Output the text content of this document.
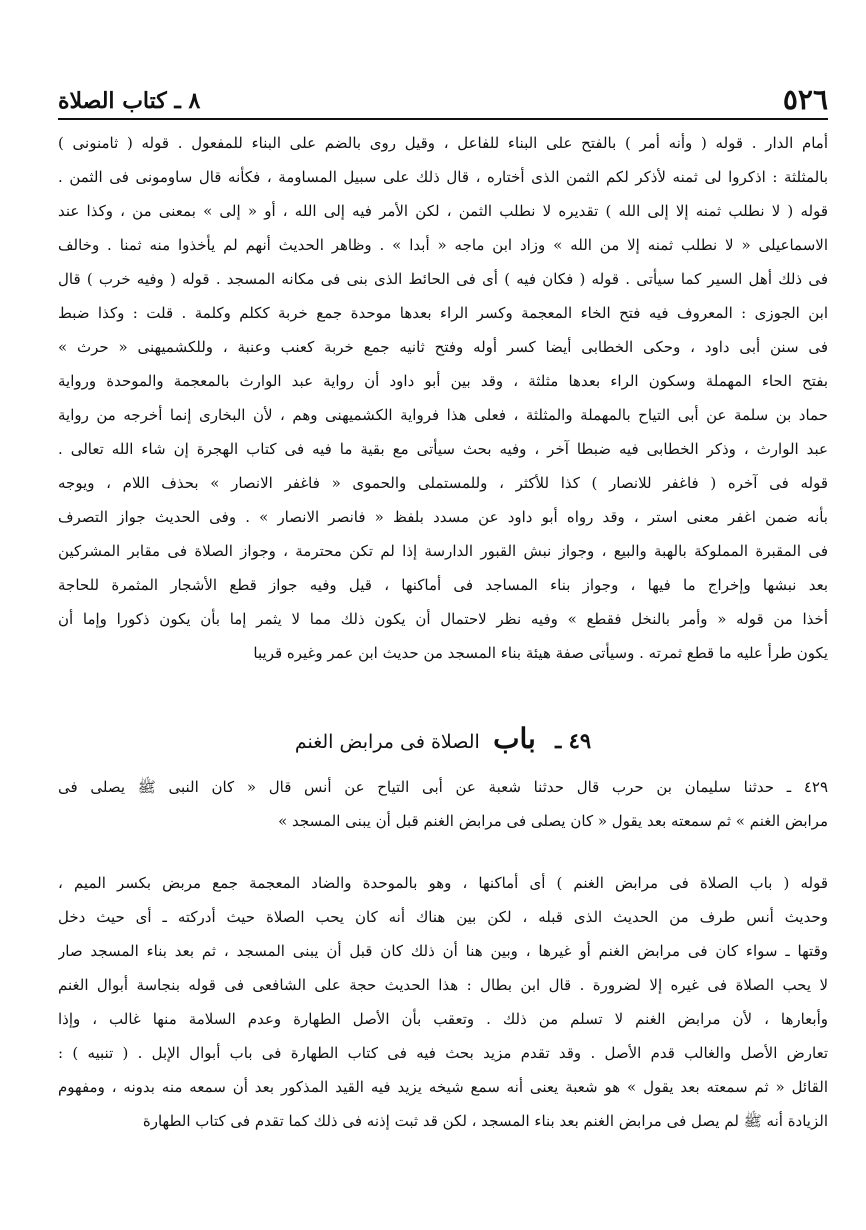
٥٢٦
٨ ـ كتاب الصلاة
أمام الدار . قوله ( وأنه أمر ) بالفتح على البناء للفاعل ، وقيل روى بالضم على البناء للمفعول . قوله ( ثامنونى )
بالمثلثة : اذكروا لى ثمنه لأذكر لكم الثمن الذى أختاره ، قال ذلك على سبيل المساومة ، فكأنه قال ساومونى فى الثمن .
قوله ( لا نطلب ثمنه إلا إلى الله ) تقديره لا نطلب الثمن ، لكن الأمر فيه إلى الله ، أو « إلى » بمعنى من ، وكذا عند
الاسماعيلى « لا نطلب ثمنه إلا من الله » وزاد ابن ماجه « أبدا » . وظاهر الحديث أنهم لم يأخذوا منه ثمنا . وخالف
فى ذلك أهل السير كما سيأتى . قوله ( فكان فيه ) أى فى الحائط الذى بنى فى مكانه المسجد . قوله ( وفيه خرب ) قال
ابن الجوزى : المعروف فيه فتح الخاء المعجمة وكسر الراء بعدها موحدة جمع خربة ككلم وكلمة . قلت : وكذا ضبط
فى سنن أبى داود ، وحكى الخطابى أيضا كسر أوله وفتح ثانيه جمع خربة كعنب وعنبة ، وللكشميهنى « حرث »
بفتح الحاء المهملة وسكون الراء بعدها مثلثة ، وقد بين أبو داود أن رواية عبد الوارث بالمعجمة والموحدة ورواية
حماد بن سلمة عن أبى التياح بالمهملة والمثلثة ، فعلى هذا فرواية الكشميهنى وهم ، لأن البخارى إنما أخرجه من رواية
عبد الوارث ، وذكر الخطابى فيه ضبطا آخر ، وفيه بحث سيأتى مع بقية ما فيه فى كتاب الهجرة إن شاء الله تعالى .
قوله فى آخره ( فاغفر للانصار ) كذا للأكثر ، وللمستملى والحموى « فاغفر الانصار » بحذف اللام ، ويوجه
بأنه ضمن اغفر معنى استر ، وقد رواه أبو داود عن مسدد بلفظ « فانصر الانصار » . وفى الحديث جواز التصرف
فى المقبرة المملوكة بالهبة والبيع ، وجواز نبش القبور الدارسة إذا لم تكن محترمة ، وجواز الصلاة فى مقابر المشركين
بعد نبشها وإخراج ما فيها ، وجواز بناء المساجد فى أماكنها ، قيل وفيه جواز قطع الأشجار المثمرة للحاجة
أخذا من قوله « وأمر بالنخل فقطع » وفيه نظر لاحتمال أن يكون ذلك مما لا يثمر إما بأن يكون ذكورا وإما أن
يكون طرأ عليه ما قطع ثمرته . وسيأتى صفة هيئة بناء المسجد من حديث ابن عمر وغيره قريبا
٤٩ ـ باب الصلاة فى مرابض الغنم
٤٢٩ ـ حدثنا سليمان بن حرب قال حدثنا شعبة عن أبى التياح عن أنس قال « كان النبى ﷺ يصلى فى
مرابض الغنم » ثم سمعته بعد يقول « كان يصلى فى مرابض الغنم قبل أن يبنى المسجد »
قوله ( باب الصلاة فى مرابض الغنم ) أى أماكنها ، وهو بالموحدة والضاد المعجمة جمع مربض بكسر الميم ،
وحديث أنس طرف من الحديث الذى قبله ، لكن بين هناك أنه كان يحب الصلاة حيث أدركته ـ أى حيث دخل
وقتها ـ سواء كان فى مرابض الغنم أو غيرها ، وبين هنا أن ذلك كان قبل أن يبنى المسجد ، ثم بعد بناء المسجد صار
لا يحب الصلاة فى غيره إلا لضرورة . قال ابن بطال : هذا الحديث حجة على الشافعى فى قوله بنجاسة أبوال الغنم
وأبعارها ، لأن مرابض الغنم لا تسلم من ذلك . وتعقب بأن الأصل الطهارة وعدم السلامة منها غالب ، وإذا
تعارض الأصل والغالب قدم الأصل . وقد تقدم مزيد بحث فيه فى كتاب الطهارة فى باب أبوال الإبل . ( تنبيه ) :
القائل « ثم سمعته بعد يقول » هو شعبة يعنى أنه سمع شيخه يزيد فيه القيد المذكور بعد أن سمعه منه بدونه ، ومفهوم
الزيادة أنه ﷺ لم يصل فى مرابض الغنم بعد بناء المسجد ، لكن قد ثبت إذنه فى ذلك كما تقدم فى كتاب الطهارة
